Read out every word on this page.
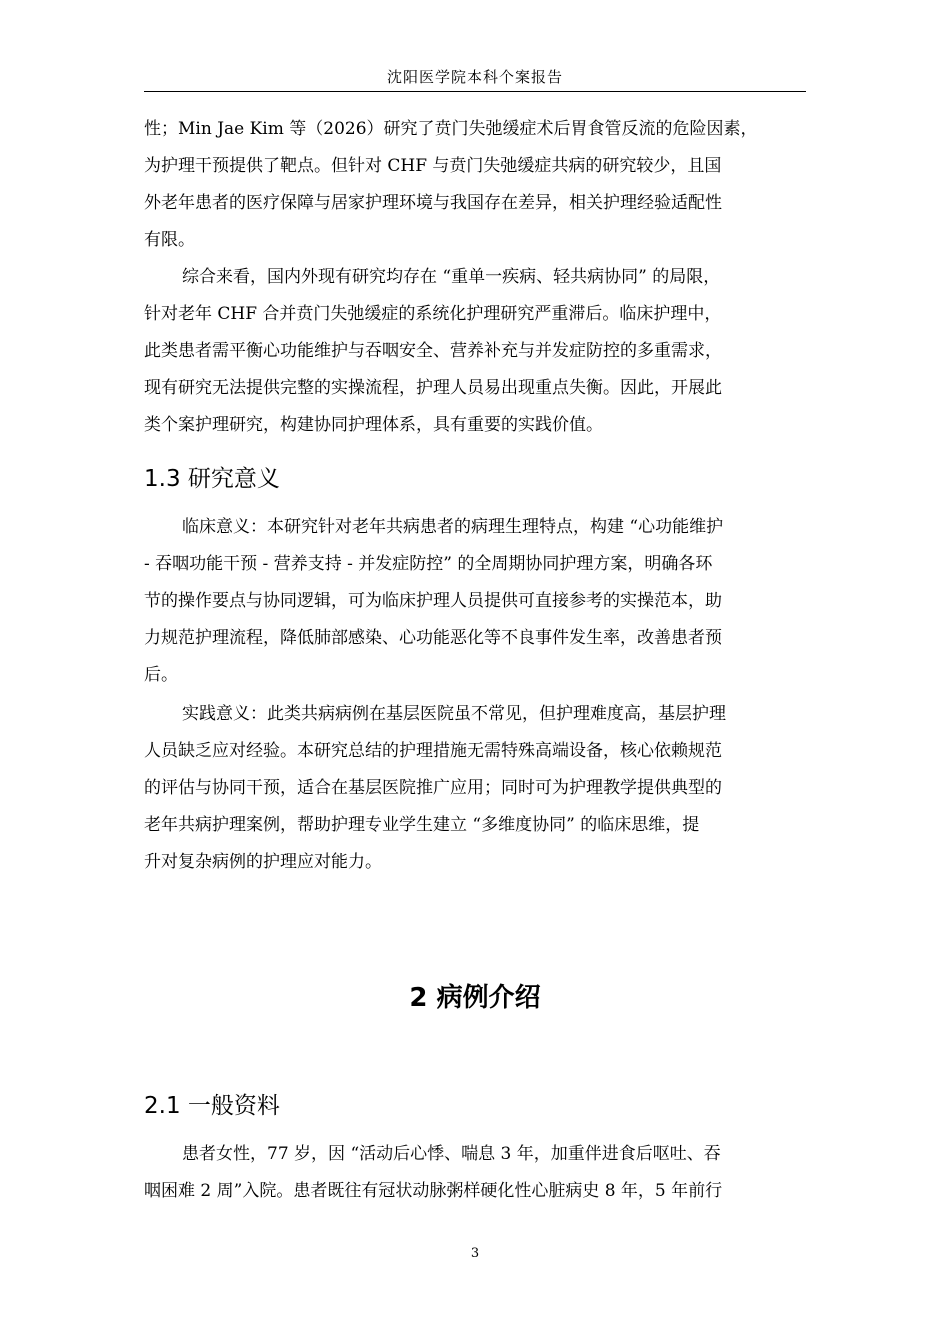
沈阳医学院本科个案报告
性；Min Jae Kim 等（2026）研究了贲门失弛缓症术后胃食管反流的危险因素，
为护理干预提供了靶点。但针对 CHF 与贲门失弛缓症共病的研究较少，且国
外老年患者的医疗保障与居家护理环境与我国存在差异，相关护理经验适配性
有限。
综合来看，国内外现有研究均存在 “重单一疾病、轻共病协同” 的局限，
针对老年 CHF 合并贲门失弛缓症的系统化护理研究严重滞后。临床护理中，
此类患者需平衡心功能维护与吞咽安全、营养补充与并发症防控的多重需求，
现有研究无法提供完整的实操流程，护理人员易出现重点失衡。因此，开展此
类个案护理研究，构建协同护理体系，具有重要的实践价值。
1.3 研究意义
临床意义：本研究针对老年共病患者的病理生理特点，构建 “心功能维护
- 吞咽功能干预 - 营养支持 - 并发症防控” 的全周期协同护理方案，明确各环
节的操作要点与协同逻辑，可为临床护理人员提供可直接参考的实操范本，助
力规范护理流程，降低肺部感染、心功能恶化等不良事件发生率，改善患者预
后。
实践意义：此类共病病例在基层医院虽不常见，但护理难度高，基层护理
人员缺乏应对经验。本研究总结的护理措施无需特殊高端设备，核心依赖规范
的评估与协同干预，适合在基层医院推广应用；同时可为护理教学提供典型的
老年共病护理案例，帮助护理专业学生建立 “多维度协同” 的临床思维，提
升对复杂病例的护理应对能力。
2 病例介绍
2.1 一般资料
患者女性，77 岁，因 “活动后心悸、喘息 3 年，加重伴进食后呕吐、吞
咽困难 2 周”入院。患者既往有冠状动脉粥样硬化性心脏病史 8 年，5 年前行
3
